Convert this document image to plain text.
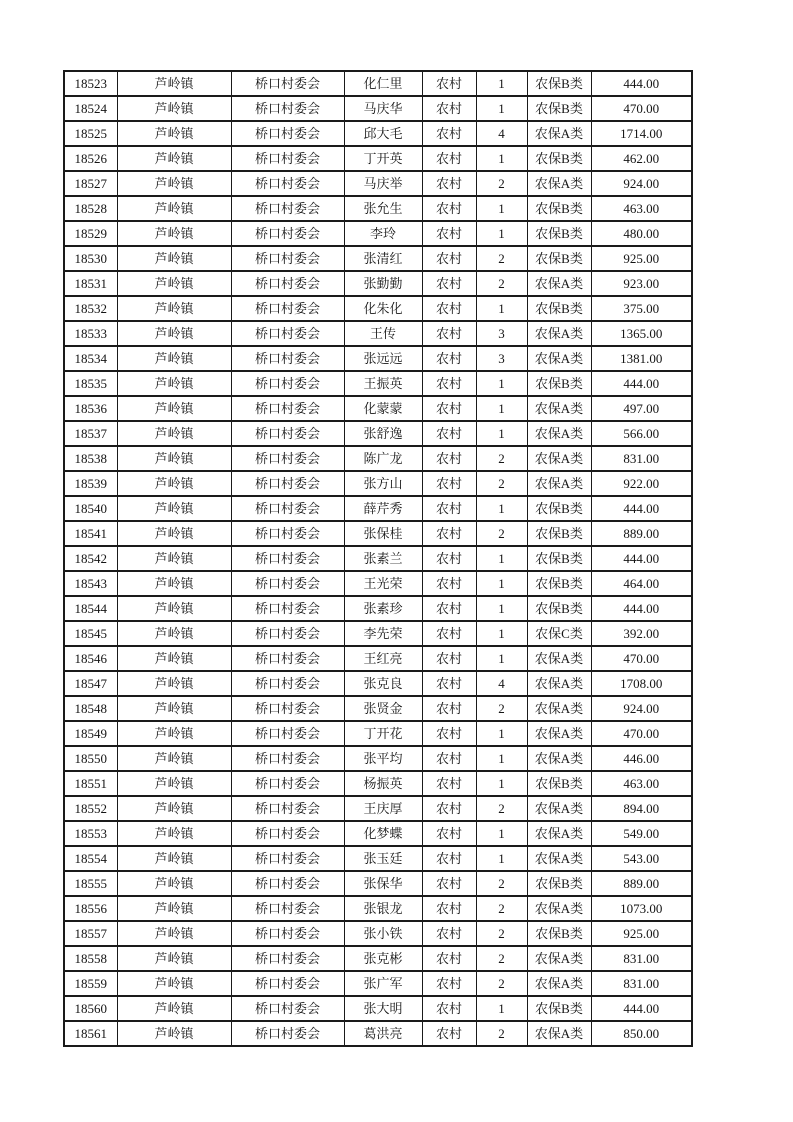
18523	芦岭镇	桥口村委会	化仁里	农村	1	农保B类	444.00
18524	芦岭镇	桥口村委会	马庆华	农村	1	农保B类	470.00
18525	芦岭镇	桥口村委会	邱大毛	农村	4	农保A类	1714.00
18526	芦岭镇	桥口村委会	丁开英	农村	1	农保B类	462.00
18527	芦岭镇	桥口村委会	马庆举	农村	2	农保A类	924.00
18528	芦岭镇	桥口村委会	张允生	农村	1	农保B类	463.00
18529	芦岭镇	桥口村委会	李玲	农村	1	农保B类	480.00
18530	芦岭镇	桥口村委会	张清红	农村	2	农保B类	925.00
18531	芦岭镇	桥口村委会	张勤勤	农村	2	农保A类	923.00
18532	芦岭镇	桥口村委会	化朱化	农村	1	农保B类	375.00
18533	芦岭镇	桥口村委会	王传	农村	3	农保A类	1365.00
18534	芦岭镇	桥口村委会	张远远	农村	3	农保A类	1381.00
18535	芦岭镇	桥口村委会	王振英	农村	1	农保B类	444.00
18536	芦岭镇	桥口村委会	化蒙蒙	农村	1	农保A类	497.00
18537	芦岭镇	桥口村委会	张舒逸	农村	1	农保A类	566.00
18538	芦岭镇	桥口村委会	陈广龙	农村	2	农保A类	831.00
18539	芦岭镇	桥口村委会	张方山	农村	2	农保A类	922.00
18540	芦岭镇	桥口村委会	薛芹秀	农村	1	农保B类	444.00
18541	芦岭镇	桥口村委会	张保桂	农村	2	农保B类	889.00
18542	芦岭镇	桥口村委会	张素兰	农村	1	农保B类	444.00
18543	芦岭镇	桥口村委会	王光荣	农村	1	农保B类	464.00
18544	芦岭镇	桥口村委会	张素珍	农村	1	农保B类	444.00
18545	芦岭镇	桥口村委会	李先荣	农村	1	农保C类	392.00
18546	芦岭镇	桥口村委会	王红亮	农村	1	农保A类	470.00
18547	芦岭镇	桥口村委会	张克良	农村	4	农保A类	1708.00
18548	芦岭镇	桥口村委会	张贤金	农村	2	农保A类	924.00
18549	芦岭镇	桥口村委会	丁开花	农村	1	农保A类	470.00
18550	芦岭镇	桥口村委会	张平均	农村	1	农保A类	446.00
18551	芦岭镇	桥口村委会	杨振英	农村	1	农保B类	463.00
18552	芦岭镇	桥口村委会	王庆厚	农村	2	农保A类	894.00
18553	芦岭镇	桥口村委会	化梦蝶	农村	1	农保A类	549.00
18554	芦岭镇	桥口村委会	张玉廷	农村	1	农保A类	543.00
18555	芦岭镇	桥口村委会	张保华	农村	2	农保B类	889.00
18556	芦岭镇	桥口村委会	张银龙	农村	2	农保A类	1073.00
18557	芦岭镇	桥口村委会	张小铁	农村	2	农保B类	925.00
18558	芦岭镇	桥口村委会	张克彬	农村	2	农保A类	831.00
18559	芦岭镇	桥口村委会	张广军	农村	2	农保A类	831.00
18560	芦岭镇	桥口村委会	张大明	农村	1	农保B类	444.00
18561	芦岭镇	桥口村委会	葛洪亮	农村	2	农保A类	850.00
